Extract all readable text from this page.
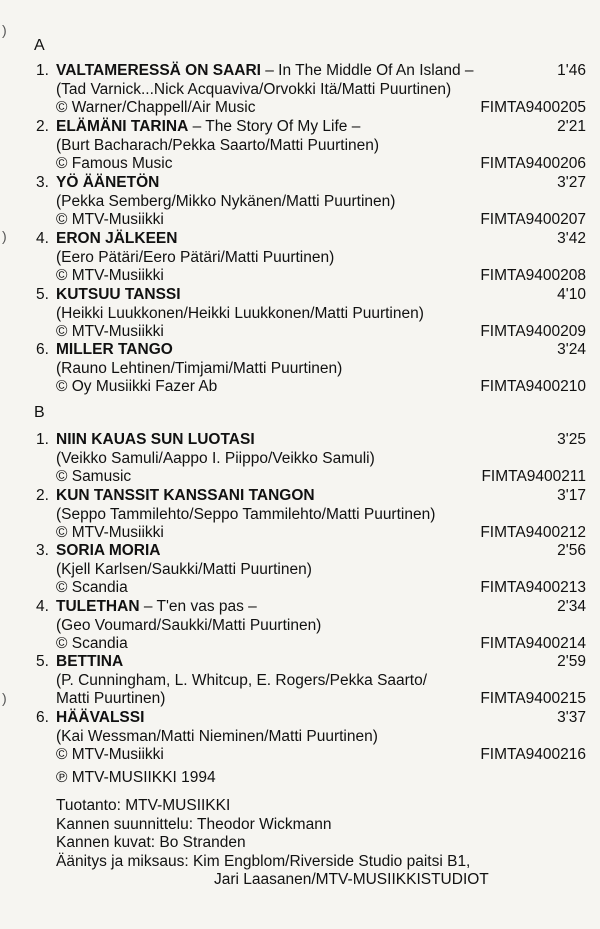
)
)
)
A
1. VALTAMERESSÄ ON SAARI – In The Middle Of An Island –	1'46
(Tad Varnick...Nick Acquaviva/Orvokki Itä/Matti Puurtinen)
© Warner/Chappell/Air Music	FIMTA9400205
2. ELÄMÄNI TARINA – The Story Of My Life –	2'21
(Burt Bacharach/Pekka Saarto/Matti Puurtinen)
© Famous Music	FIMTA9400206
3. YÖ ÄÄNETÖN	3'27
(Pekka Semberg/Mikko Nykänen/Matti Puurtinen)
© MTV-Musiikki	FIMTA9400207
4. ERON JÄLKEEN	3'42
(Eero Pätäri/Eero Pätäri/Matti Puurtinen)
© MTV-Musiikki	FIMTA9400208
5. KUTSUU TANSSI	4'10
(Heikki Luukkonen/Heikki Luukkonen/Matti Puurtinen)
© MTV-Musiikki	FIMTA9400209
6. MILLER TANGO	3'24
(Rauno Lehtinen/Timjami/Matti Puurtinen)
© Oy Musiikki Fazer Ab	FIMTA9400210
B
1. NIIN KAUAS SUN LUOTASI	3'25
(Veikko Samuli/Aappo I. Piippo/Veikko Samuli)
© Samusic	FIMTA9400211
2. KUN TANSSIT KANSSANI TANGON	3'17
(Seppo Tammilehto/Seppo Tammilehto/Matti Puurtinen)
© MTV-Musiikki	FIMTA9400212
3. SORIA MORIA	2'56
(Kjell Karlsen/Saukki/Matti Puurtinen)
© Scandia	FIMTA9400213
4. TULETHAN – T'en vas pas –	2'34
(Geo Voumard/Saukki/Matti Puurtinen)
© Scandia	FIMTA9400214
5. BETTINA	2'59
(P. Cunningham, L. Whitcup, E. Rogers/Pekka Saarto/
Matti Puurtinen)	FIMTA9400215
6. HÄÄVALSSI	3'37
(Kai Wessman/Matti Nieminen/Matti Puurtinen)
© MTV-Musiikki	FIMTA9400216
℗ MTV-MUSIIKKI 1994
Tuotanto: MTV-MUSIIKKI
Kannen suunnittelu: Theodor Wickmann
Kannen kuvat: Bo Stranden
Äänitys ja miksaus: Kim Engblom/Riverside Studio paitsi B1,
Jari Laasanen/MTV-MUSIIKKISTUDIOT
